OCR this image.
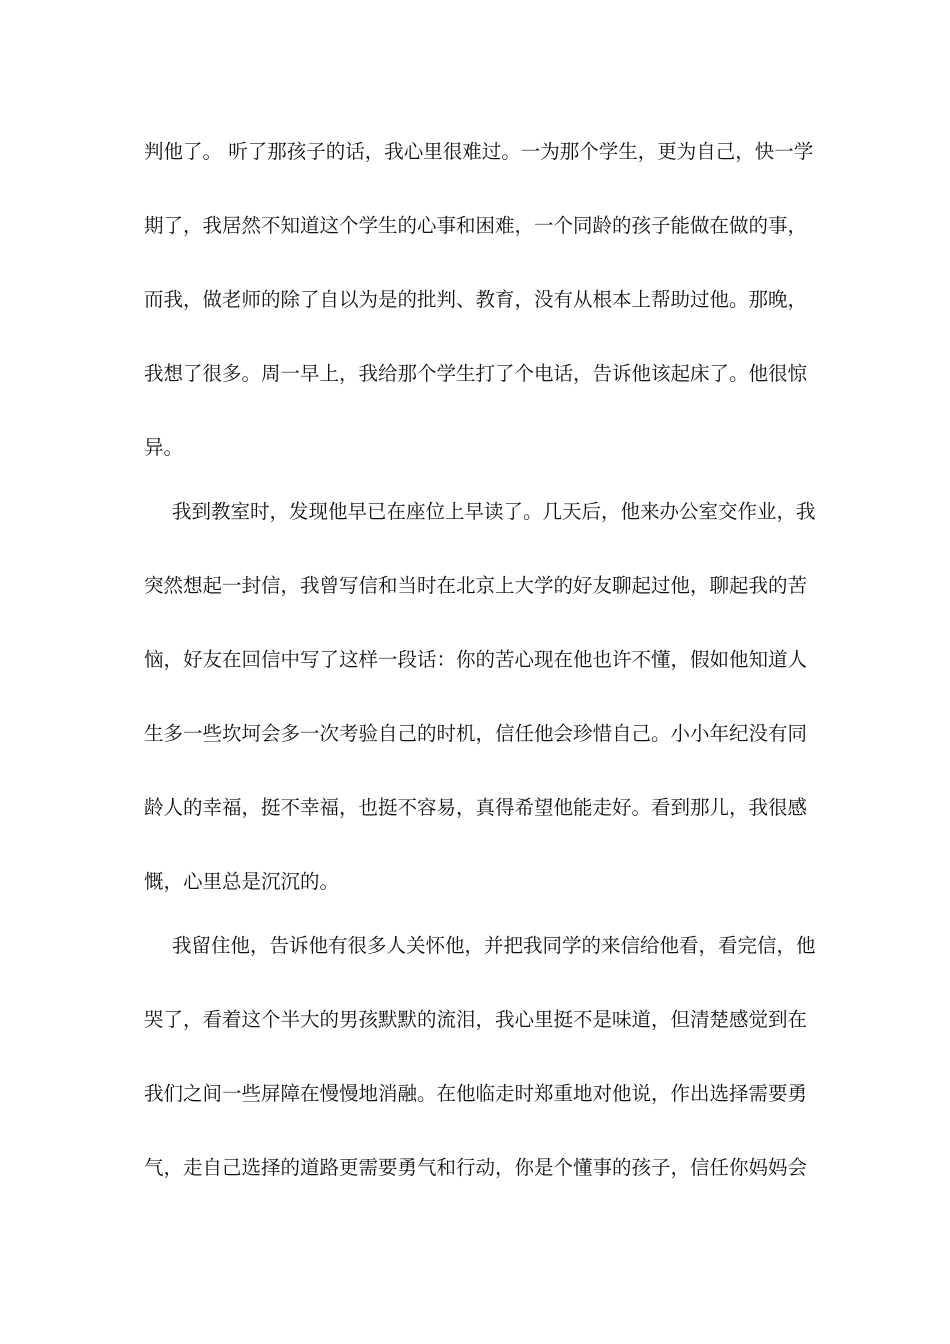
判他了。 听了那孩子的话，我心里很难过。一为那个学生，更为自己，快一学
期了，我居然不知道这个学生的心事和困难，一个同龄的孩子能做在做的事，
而我，做老师的除了自以为是的批判、教育，没有从根本上帮助过他。那晚，
我想了很多。周一早上，我给那个学生打了个电话，告诉他该起床了。他很惊
异。
我到教室时，发现他早已在座位上早读了。几天后，他来办公室交作业，我
突然想起一封信，我曾写信和当时在北京上大学的好友聊起过他，聊起我的苦
恼，好友在回信中写了这样一段话：你的苦心现在他也许不懂，假如他知道人
生多一些坎坷会多一次考验自己的时机，信任他会珍惜自己。小小年纪没有同
龄人的幸福，挺不幸福，也挺不容易，真得希望他能走好。看到那儿，我很感
慨，心里总是沉沉的。
我留住他，告诉他有很多人关怀他，并把我同学的来信给他看，看完信，他
哭了，看着这个半大的男孩默默的流泪，我心里挺不是味道，但清楚感觉到在
我们之间一些屏障在慢慢地消融。在他临走时郑重地对他说，作出选择需要勇
气，走自己选择的道路更需要勇气和行动，你是个懂事的孩子，信任你妈妈会
